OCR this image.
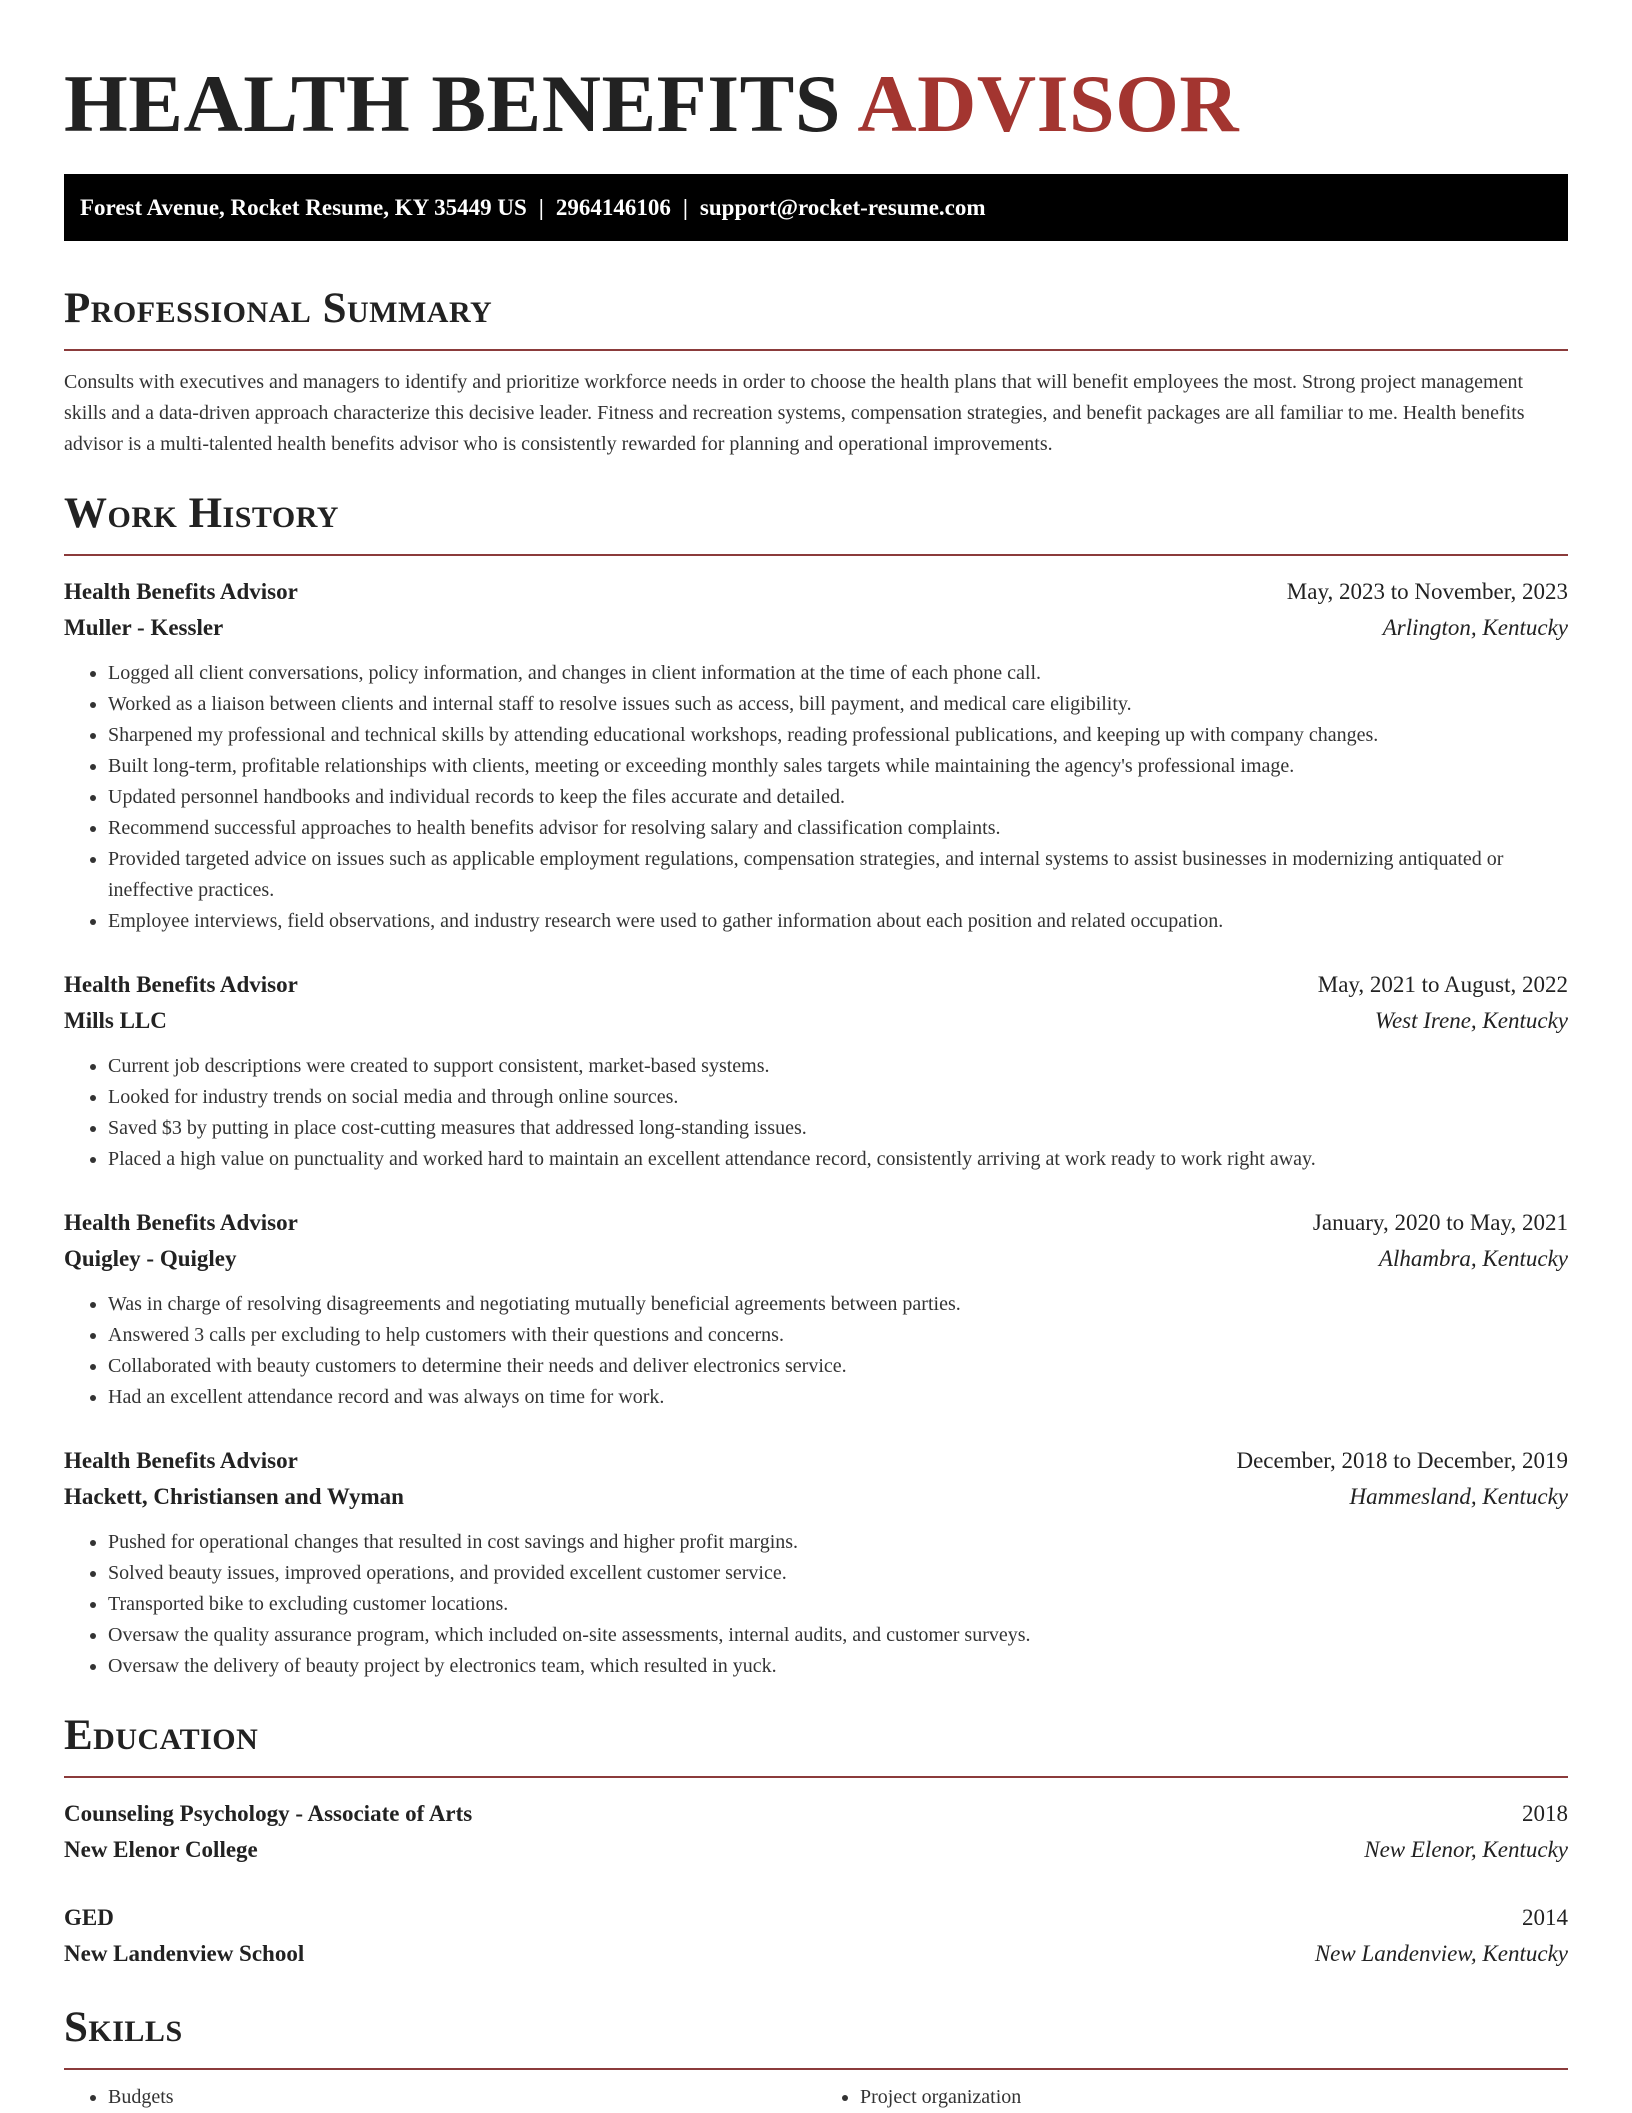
HEALTH BENEFITS ADVISOR
Forest Avenue, Rocket Resume, KY 35449 US | 2964146106 | support@rocket-resume.com
Professional Summary

Consults with executives and managers to identify and prioritize workforce needs in order to choose the health plans that will benefit employees the most. Strong project management skills and a data-driven approach characterize this decisive leader. Fitness and recreation systems, compensation strategies, and benefit packages are all familiar to me. Health benefits advisor is a multi-talented health benefits advisor who is consistently rewarded for planning and operational improvements.

Work History
Health Benefits Advisor	May, 2023 to November, 2023
Muller - Kessler	Arlington, Kentucky
• Logged all client conversations, policy information, and changes in client information at the time of each phone call.
• Worked as a liaison between clients and internal staff to resolve issues such as access, bill payment, and medical care eligibility.
• Sharpened my professional and technical skills by attending educational workshops, reading professional publications, and keeping up with company changes.
• Built long-term, profitable relationships with clients, meeting or exceeding monthly sales targets while maintaining the agency's professional image.
• Updated personnel handbooks and individual records to keep the files accurate and detailed.
• Recommend successful approaches to health benefits advisor for resolving salary and classification complaints.
• Provided targeted advice on issues such as applicable employment regulations, compensation strategies, and internal systems to assist businesses in modernizing antiquated or ineffective practices.
• Employee interviews, field observations, and industry research were used to gather information about each position and related occupation.
Health Benefits Advisor	May, 2021 to August, 2022
Mills LLC	West Irene, Kentucky
• Current job descriptions were created to support consistent, market-based systems.
• Looked for industry trends on social media and through online sources.
• Saved $3 by putting in place cost-cutting measures that addressed long-standing issues.
• Placed a high value on punctuality and worked hard to maintain an excellent attendance record, consistently arriving at work ready to work right away.
Health Benefits Advisor	January, 2020 to May, 2021
Quigley - Quigley	Alhambra, Kentucky
• Was in charge of resolving disagreements and negotiating mutually beneficial agreements between parties.
• Answered 3 calls per excluding to help customers with their questions and concerns.
• Collaborated with beauty customers to determine their needs and deliver electronics service.
• Had an excellent attendance record and was always on time for work.
Health Benefits Advisor	December, 2018 to December, 2019
Hackett, Christiansen and Wyman	Hammesland, Kentucky
• Pushed for operational changes that resulted in cost savings and higher profit margins.
• Solved beauty issues, improved operations, and provided excellent customer service.
• Transported bike to excluding customer locations.
• Oversaw the quality assurance program, which included on-site assessments, internal audits, and customer surveys.
• Oversaw the delivery of beauty project by electronics team, which resulted in yuck.
Education
Counseling Psychology - Associate of Arts	2018
New Elenor College	New Elenor, Kentucky
GED	2014
New Landenview School	New Landenview, Kentucky
Skills
• Budgets
•	Project organization
